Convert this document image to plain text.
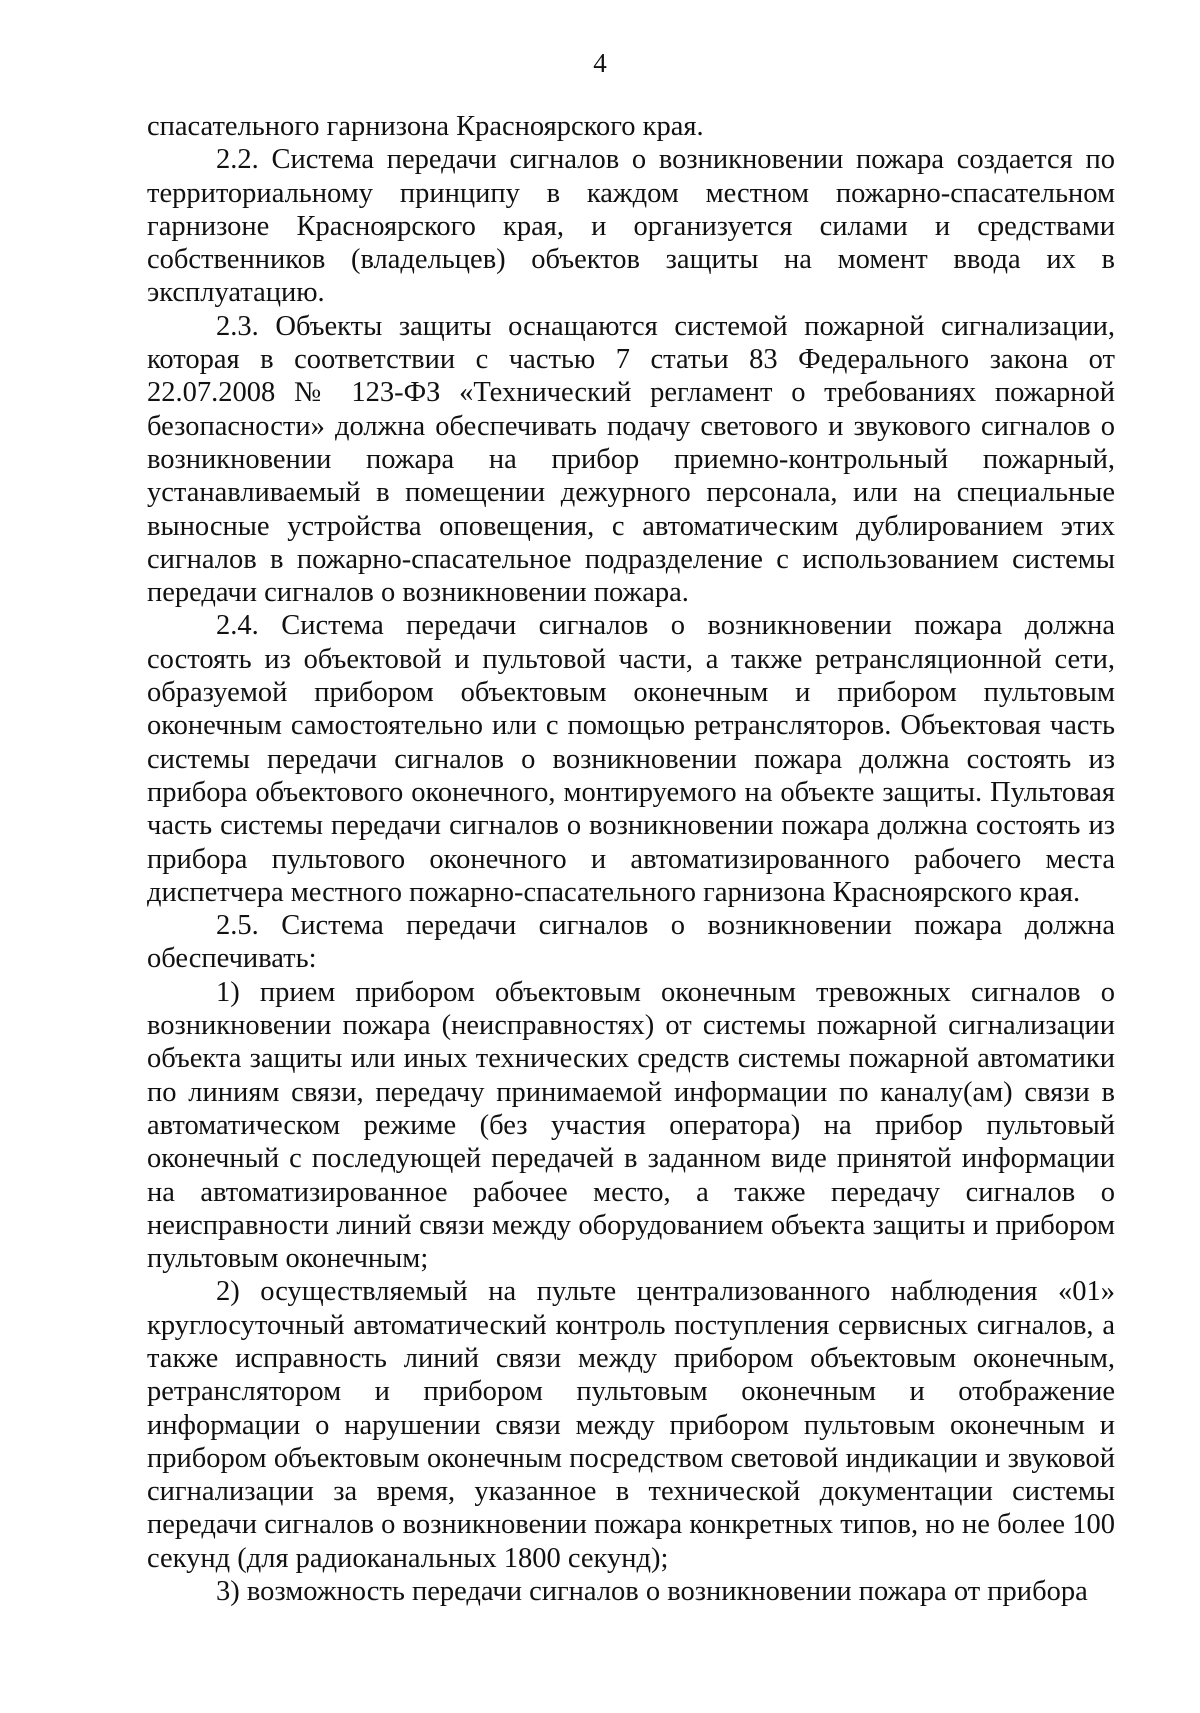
4

спасательного гарнизона Красноярского края.

2.2. Система передачи сигналов о возникновении пожара создается по территориальному принципу в каждом местном пожарно-спасательном гарнизоне Красноярского края, и организуется силами и средствами собственников (владельцев) объектов защиты на момент ввода их в эксплуатацию.

2.3. Объекты защиты оснащаются системой пожарной сигнализации, которая в соответствии с частью 7 статьи 83 Федерального закона от 22.07.2008 № 123-ФЗ «Технический регламент о требованиях пожарной безопасности» должна обеспечивать подачу светового и звукового сигналов о возникновении пожара на прибор приемно-контрольный пожарный, устанавливаемый в помещении дежурного персонала, или на специальные выносные устройства оповещения, с автоматическим дублированием этих сигналов в пожарно-спасательное подразделение с использованием системы передачи сигналов о возникновении пожара.

2.4. Система передачи сигналов о возникновении пожара должна состоять из объектовой и пультовой части, а также ретрансляционной сети, образуемой прибором объектовым оконечным и прибором пультовым оконечным самостоятельно или с помощью ретрансляторов. Объектовая часть системы передачи сигналов о возникновении пожара должна состоять из прибора объектового оконечного, монтируемого на объекте защиты. Пультовая часть системы передачи сигналов о возникновении пожара должна состоять из прибора пультового оконечного и автоматизированного рабочего места диспетчера местного пожарно-спасательного гарнизона Красноярского края.

2.5. Система передачи сигналов о возникновении пожара должна обеспечивать:

1) прием прибором объектовым оконечным тревожных сигналов о возникновении пожара (неисправностях) от системы пожарной сигнализации объекта защиты или иных технических средств системы пожарной автоматики по линиям связи, передачу принимаемой информации по каналу(ам) связи в автоматическом режиме (без участия оператора) на прибор пультовый оконечный с последующей передачей в заданном виде принятой информации на автоматизированное рабочее место, а также передачу сигналов о неисправности линий связи между оборудованием объекта защиты и прибором пультовым оконечным;

2) осуществляемый на пульте централизованного наблюдения «01» круглосуточный автоматический контроль поступления сервисных сигналов, а также исправность линий связи между прибором объектовым оконечным, ретранслятором и прибором пультовым оконечным и отображение информации о нарушении связи между прибором пультовым оконечным и прибором объектовым оконечным посредством световой индикации и звуковой сигнализации за время, указанное в технической документации системы передачи сигналов о возникновении пожара конкретных типов, но не более 100 секунд (для радиоканальных 1800 секунд);

3) возможность передачи сигналов о возникновении пожара от прибора
